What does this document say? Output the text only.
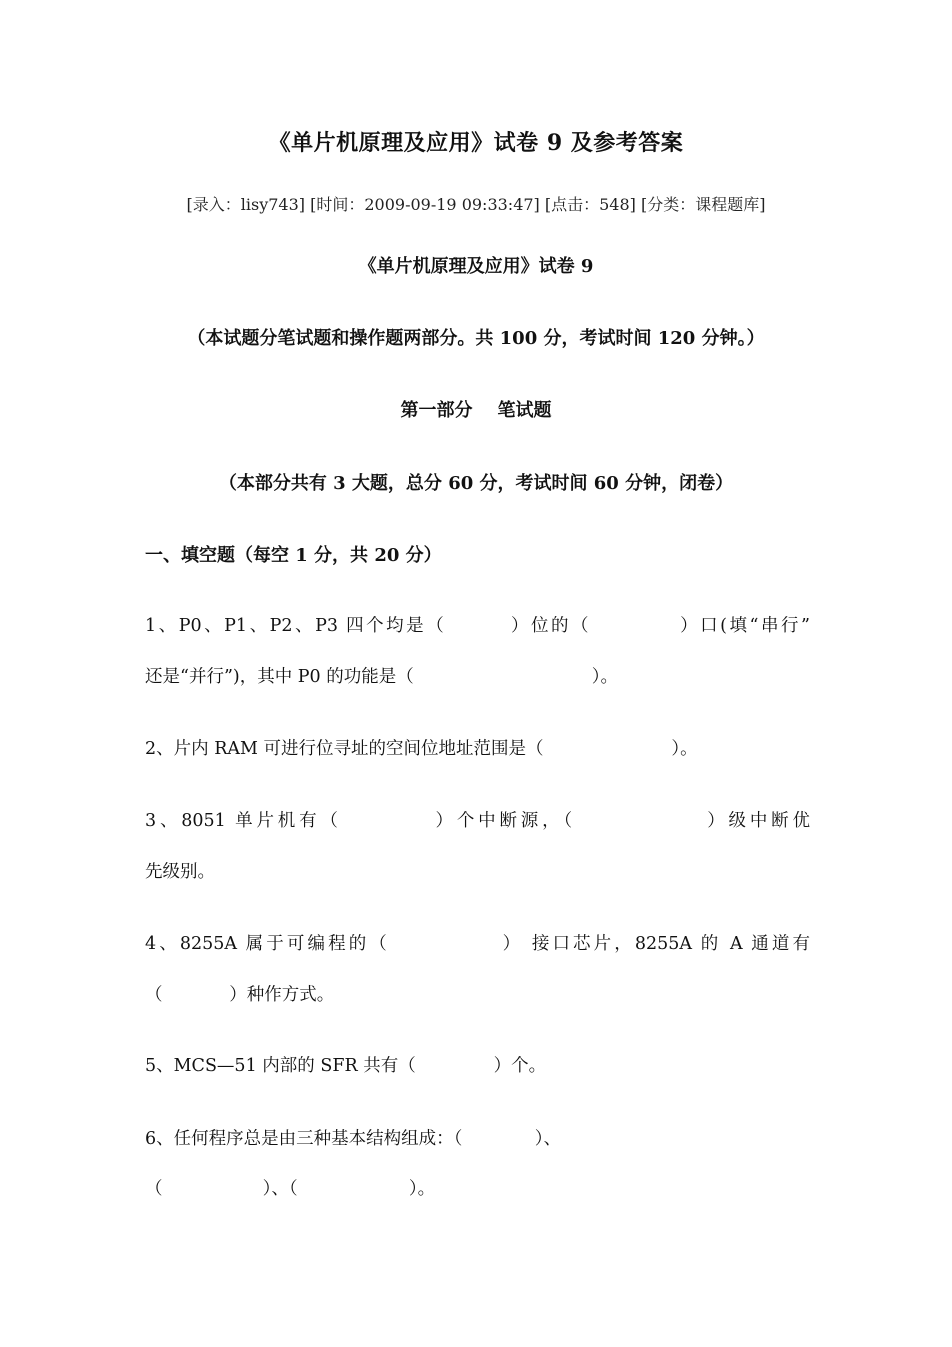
《单片机原理及应用》试卷 9 及参考答案
[录入：lisy743] [时间：2009-09-19 09:33:47] [点击：548] [分类：课程题库]
《单片机原理及应用》试卷 9
（本试题分笔试题和操作题两部分。共 100 分，考试时间 120 分钟。）
第一部分    笔试题
（本部分共有 3 大题，总分 60 分，考试时间 60 分钟，闭卷）
一、填空题（每空 1 分，共 20 分）
1、P0、P1、P2、P3 四个均是（        ）位的（           ）口(填“串行”
还是“并行”)，其中 P0 的功能是（                                ）。
2、片内 RAM 可进行位寻址的空间位地址范围是（                       ）。
3、8051 单片机有（          ）个中断源，（              ）级中断优
先级别。
4、8255A 属于可编程的（             ） 接口芯片，8255A 的 A 通道有
（            ）种作方式。
5、MCS—51 内部的 SFR 共有（              ）个。
6、任何程序总是由三种基本结构组成：（             ）、
（                  ）、（                    ）。
